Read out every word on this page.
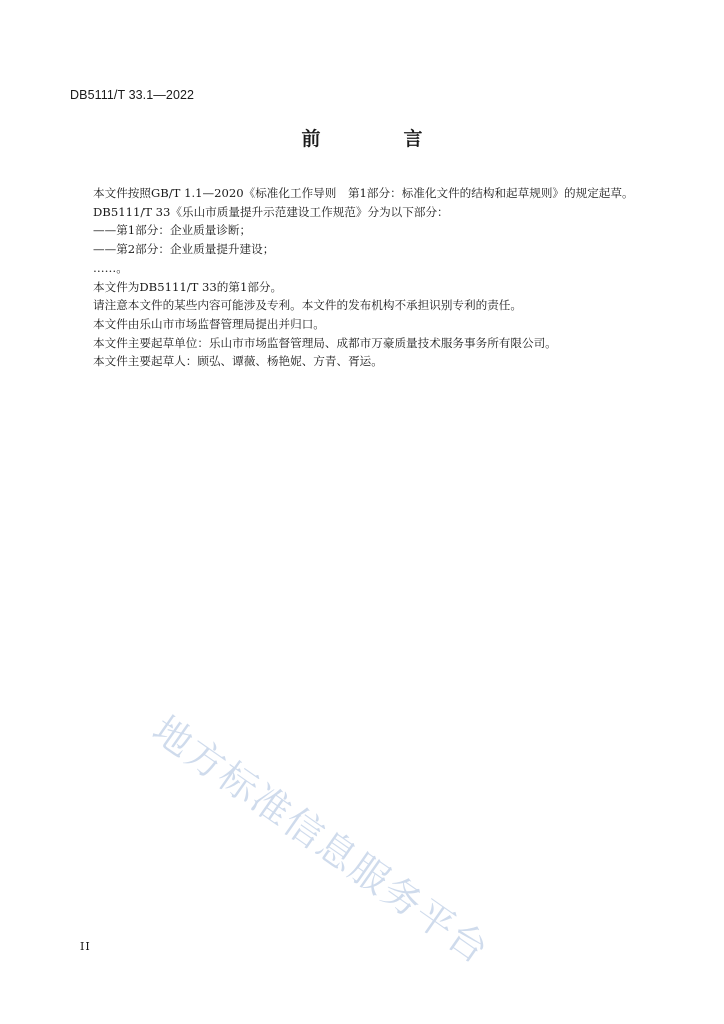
DB5111/T 33.1—2022
前　言

本文件按照GB/T 1.1—2020《标准化工作导则　第1部分：标准化文件的结构和起草规则》的规定起草。

DB5111/T 33《乐山市质量提升示范建设工作规范》分为以下部分：

——第1部分：企业质量诊断；

——第2部分：企业质量提升建设；

……。

本文件为DB5111/T 33的第1部分。

请注意本文件的某些内容可能涉及专利。本文件的发布机构不承担识别专利的责任。

本文件由乐山市市场监督管理局提出并归口。

本文件主要起草单位：乐山市市场监督管理局、成都市万豪质量技术服务事务所有限公司。

本文件主要起草人：顾弘、谭薇、杨艳妮、方青、胥运。

地方标准信息服务平台
II
